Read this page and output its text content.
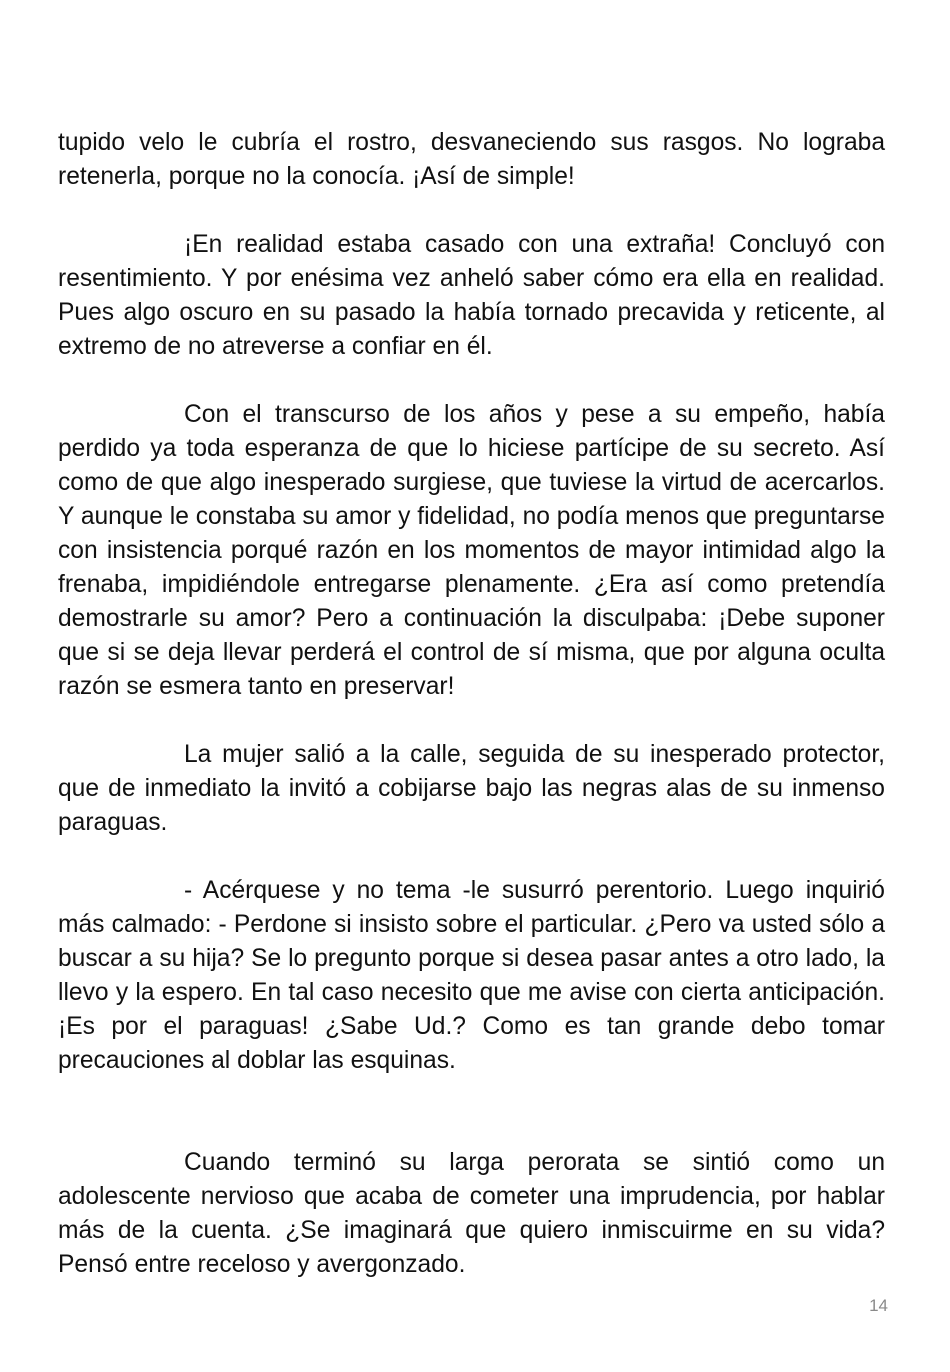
tupido velo le cubría el rostro, desvaneciendo sus rasgos. No lograba retenerla, porque no la conocía. ¡Así de simple!

¡En realidad estaba casado con una extraña! Concluyó con resentimiento. Y por enésima vez anheló saber cómo era ella en realidad. Pues algo oscuro en su pasado la había tornado precavida y reticente, al extremo de no atreverse a confiar en él.

Con el transcurso de los años y pese a su empeño, había perdido ya toda esperanza de que lo hiciese partícipe de su secreto. Así como de que algo inesperado surgiese, que tuviese la virtud de acercarlos. Y aunque le constaba su amor y fidelidad, no podía menos que preguntarse con insistencia porqué razón en los momentos de mayor intimidad algo la frenaba, impidiéndole entregarse plenamente. ¿Era así como pretendía demostrarle su amor? Pero a continuación la disculpaba: ¡Debe suponer que si se deja llevar perderá el control de sí misma, que por alguna oculta razón se esmera tanto en preservar!

La mujer salió a la calle, seguida de su inesperado protector, que de inmediato la invitó a cobijarse bajo las negras alas de su inmenso paraguas.

- Acérquese y no tema -le susurró perentorio. Luego inquirió más calmado: - Perdone si insisto sobre el particular. ¿Pero va usted sólo a buscar a su hija? Se lo pregunto porque si desea pasar antes a otro lado, la llevo y la espero. En tal caso necesito que me avise con cierta anticipación. ¡Es por el paraguas! ¿Sabe Ud.? Como es tan grande debo tomar precauciones al doblar las esquinas.

Cuando terminó su larga perorata se sintió como un adolescente nervioso que acaba de cometer una imprudencia, por hablar más de la cuenta. ¿Se imaginará que quiero inmiscuirme en su vida? Pensó entre receloso y avergonzado.

14
